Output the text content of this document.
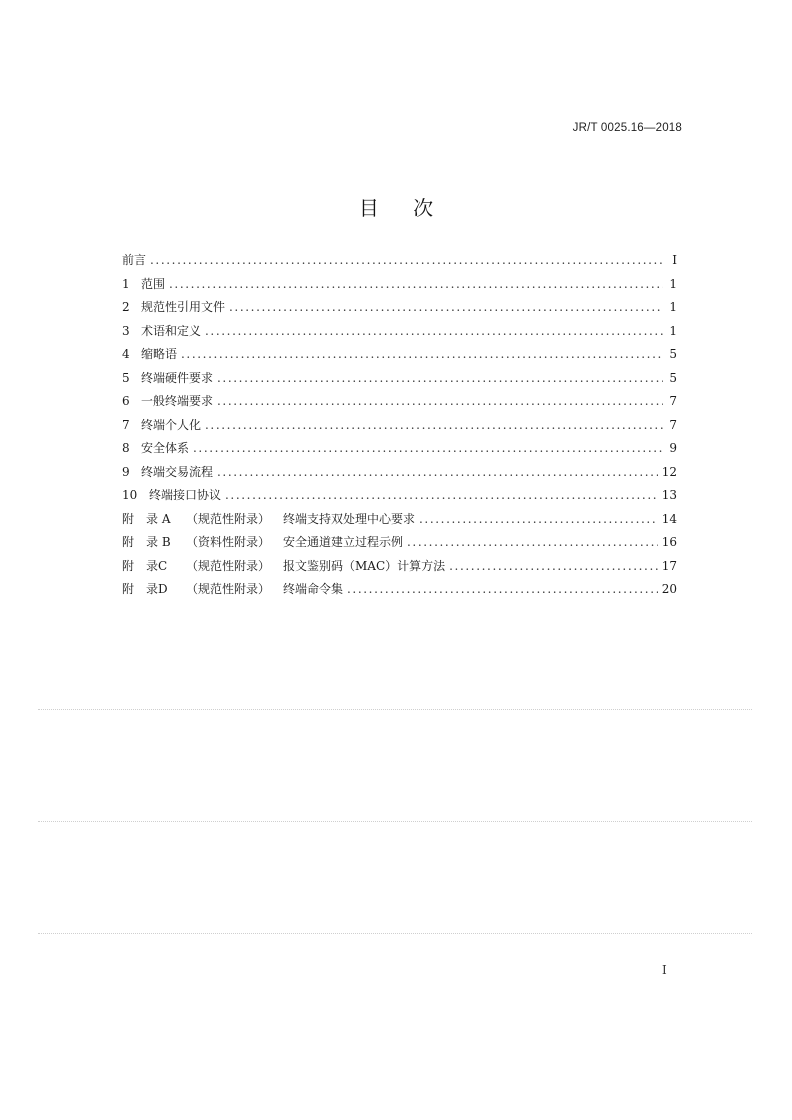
JR/T 0025.16—2018
目 次
前言 .....	I
1 范围 .....	1
2 规范性引用文件 .....	1
3 术语和定义 .....	1
4 缩略语 .....	5
5 终端硬件要求 .....	5
6 一般终端要求 .....	7
7 终端个人化 .....	7
8 安全体系 .....	9
9 终端交易流程 .....	12
10 终端接口协议 .....	13
附 录 A	（规范性附录）	终端支持双处理中心要求 .....	14
附 录 B	（资料性附录）	安全通道建立过程示例 .....	16
附 录C	（规范性附录）	报文鉴别码（MAC）计算方法 .....	17
附 录D	（规范性附录）	终端命令集 .....	20
I
